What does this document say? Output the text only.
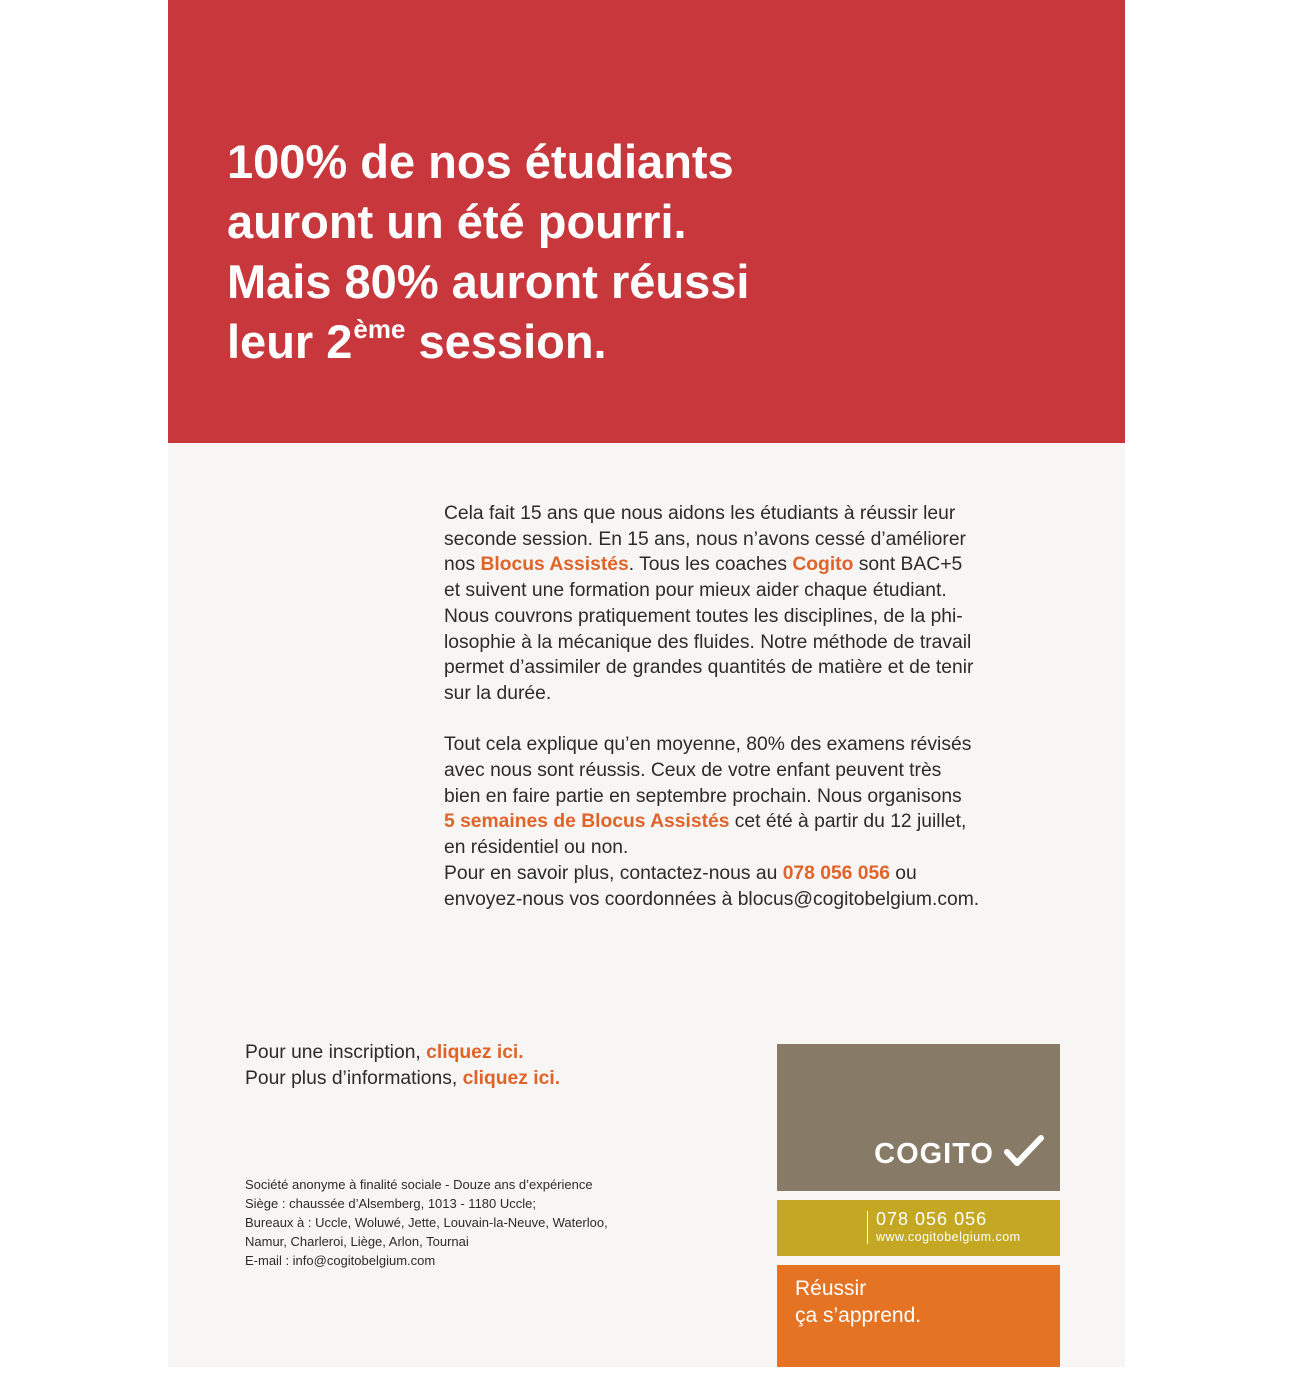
100% de nos étudiants
auront un été pourri.
Mais 80% auront réussi
leur 2ème session.

Cela fait 15 ans que nous aidons les étudiants à réussir leur
seconde session. En 15 ans, nous n’avons cessé d’améliorer
nos Blocus Assistés. Tous les coaches Cogito sont BAC+5
et suivent une formation pour mieux aider chaque étudiant.
Nous couvrons pratiquement toutes les disciplines, de la phi-
losophie à la mécanique des fluides. Notre méthode de travail
permet d’assimiler de grandes quantités de matière et de tenir
sur la durée.

Tout cela explique qu’en moyenne, 80% des examens révisés
avec nous sont réussis. Ceux de votre enfant peuvent très
bien en faire partie en septembre prochain. Nous organisons
5 semaines de Blocus Assistés cet été à partir du 12 juillet,
en résidentiel ou non.
Pour en savoir plus, contactez-nous au 078 056 056 ou
envoyez-nous vos coordonnées à blocus@cogitobelgium.com.

Pour une inscription, cliquez ici.
Pour plus d’informations, cliquez ici.
Société anonyme à finalité sociale - Douze ans d’expérience
Siège : chaussée d’Alsemberg, 1013 - 1180 Uccle;
Bureaux à : Uccle, Woluwé, Jette, Louvain-la-Neuve, Waterloo,
Namur, Charleroi, Liège, Arlon, Tournai
E-mail : info@cogitobelgium.com
COGITO
078 056 056
www.cogitobelgium.com
Réussir
ça s’apprend.
